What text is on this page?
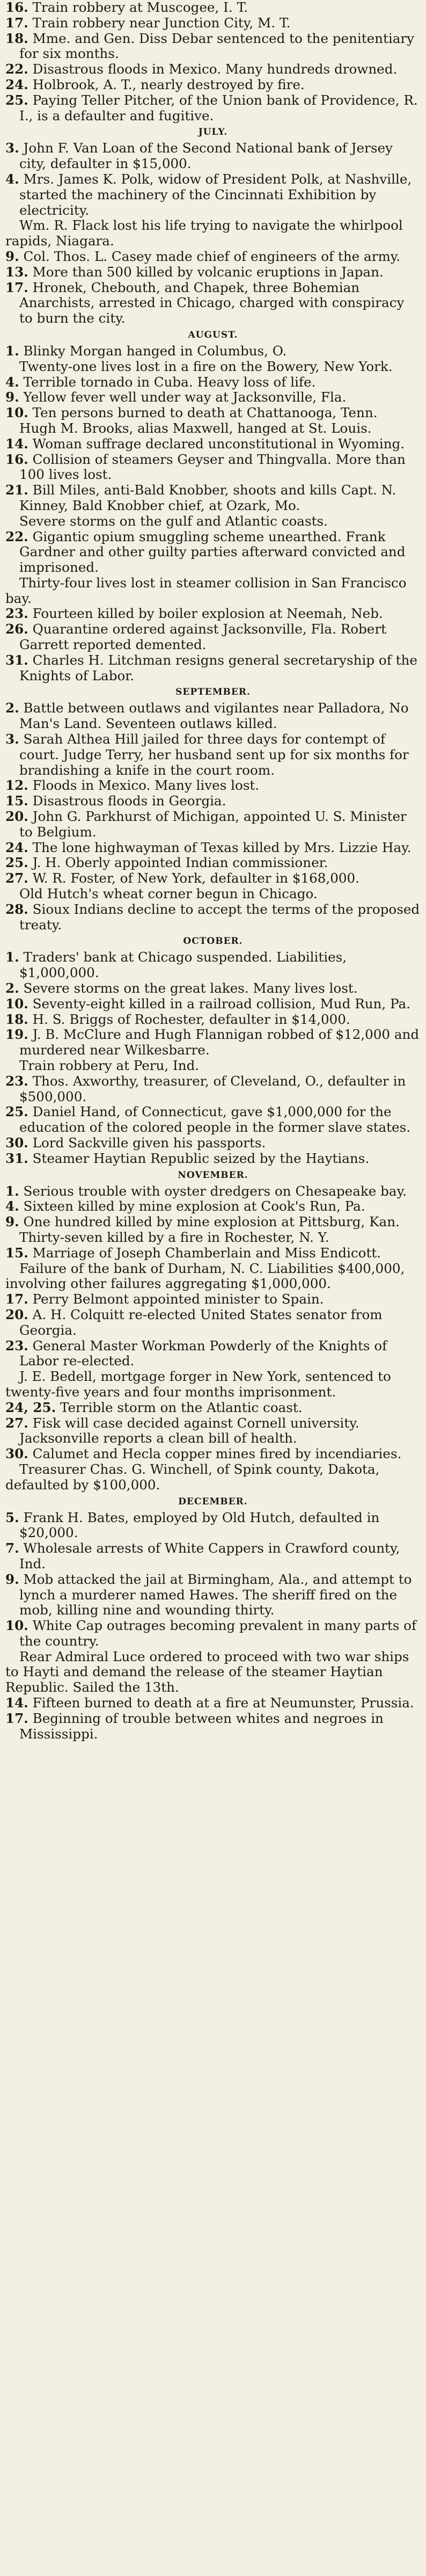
16. Train robbery at Muscogee, I. T.

17. Train robbery near Junction City, M. T.

18. Mme. and Gen. Diss Debar sentenced to the penitentiary for six months.

22. Disastrous floods in Mexico. Many hundreds drowned.

24. Holbrook, A. T., nearly destroyed by fire.

25. Paying Teller Pitcher, of the Union bank of Providence, R. I., is a defaulter and fugitive.

JULY.

3. John F. Van Loan of the Second National bank of Jersey city, defaulter in $15,000.

4. Mrs. James K. Polk, widow of President Polk, at Nashville, started the machinery of the Cincinnati Exhibition by electricity.

Wm. R. Flack lost his life trying to navigate the whirlpool rapids, Niagara.

9. Col. Thos. L. Casey made chief of engineers of the army.

13. More than 500 killed by volcanic eruptions in Japan.

17. Hronek, Chebouth, and Chapek, three Bohemian Anarchists, arrested in Chicago, charged with conspiracy to burn the city.

AUGUST.

1. Blinky Morgan hanged in Columbus, O.

Twenty-one lives lost in a fire on the Bowery, New York.

4. Terrible tornado in Cuba. Heavy loss of life.

9. Yellow fever well under way at Jacksonville, Fla.

10. Ten persons burned to death at Chattanooga, Tenn.

Hugh M. Brooks, alias Maxwell, hanged at St. Louis.

14. Woman suffrage declared unconstitutional in Wyoming.

16. Collision of steamers Geyser and Thingvalla. More than 100 lives lost.

21. Bill Miles, anti-Bald Knobber, shoots and kills Capt. N. Kinney, Bald Knobber chief, at Ozark, Mo.

Severe storms on the gulf and Atlantic coasts.

22. Gigantic opium smuggling scheme unearthed. Frank Gardner and other guilty parties afterward convicted and imprisoned.

Thirty-four lives lost in steamer collision in San Francisco bay.

23. Fourteen killed by boiler explosion at Neemah, Neb.

26. Quarantine ordered against Jacksonville, Fla. Robert Garrett reported demented.

31. Charles H. Litchman resigns general secretaryship of the Knights of Labor.

SEPTEMBER.

2. Battle between outlaws and vigilantes near Palladora, No Man's Land. Seventeen outlaws killed.

3. Sarah Althea Hill jailed for three days for contempt of court. Judge Terry, her husband sent up for six months for brandishing a knife in the court room.

12. Floods in Mexico. Many lives lost.

15. Disastrous floods in Georgia.

20. John G. Parkhurst of Michigan, appointed U. S. Minister to Belgium.

24. The lone highwayman of Texas killed by Mrs. Lizzie Hay.

25. J. H. Oberly appointed Indian commissioner.

27. W. R. Foster, of New York, defaulter in $168,000.

Old Hutch's wheat corner begun in Chicago.

28. Sioux Indians decline to accept the terms of the proposed treaty.

OCTOBER.

1. Traders' bank at Chicago suspended. Liabilities, $1,000,000.

2. Severe storms on the great lakes. Many lives lost.

10. Seventy-eight killed in a railroad collision, Mud Run, Pa.

18. H. S. Briggs of Rochester, defaulter in $14,000.

19. J. B. McClure and Hugh Flannigan robbed of $12,000 and murdered near Wilkesbarre.

Train robbery at Peru, Ind.

23. Thos. Axworthy, treasurer, of Cleveland, O., defaulter in $500,000.

25. Daniel Hand, of Connecticut, gave $1,000,000 for the education of the colored people in the former slave states.

30. Lord Sackville given his passports.

31. Steamer Haytian Republic seized by the Haytians.

NOVEMBER.

1. Serious trouble with oyster dredgers on Chesapeake bay.

4. Sixteen killed by mine explosion at Cook's Run, Pa.

9. One hundred killed by mine explosion at Pittsburg, Kan.

Thirty-seven killed by a fire in Rochester, N. Y.

15. Marriage of Joseph Chamberlain and Miss Endicott.

Failure of the bank of Durham, N. C. Liabilities $400,000, involving other failures aggregating $1,000,000.

17. Perry Belmont appointed minister to Spain.

20. A. H. Colquitt re-elected United States senator from Georgia.

23. General Master Workman Powderly of the Knights of Labor re-elected.

J. E. Bedell, mortgage forger in New York, sentenced to twenty-five years and four months imprisonment.

24, 25. Terrible storm on the Atlantic coast.

27. Fisk will case decided against Cornell university.

Jacksonville reports a clean bill of health.

30. Calumet and Hecla copper mines fired by incendiaries.

Treasurer Chas. G. Winchell, of Spink county, Dakota, defaulted by $100,000.

DECEMBER.

5. Frank H. Bates, employed by Old Hutch, defaulted in $20,000.

7. Wholesale arrests of White Cappers in Crawford county, Ind.

9. Mob attacked the jail at Birmingham, Ala., and attempt to lynch a murderer named Hawes. The sheriff fired on the mob, killing nine and wounding thirty.

10. White Cap outrages becoming prevalent in many parts of the country.

Rear Admiral Luce ordered to proceed with two war ships to Hayti and demand the release of the steamer Haytian Republic. Sailed the 13th.

14. Fifteen burned to death at a fire at Neumunster, Prussia.

17. Beginning of trouble between whites and negroes in Mississippi.
